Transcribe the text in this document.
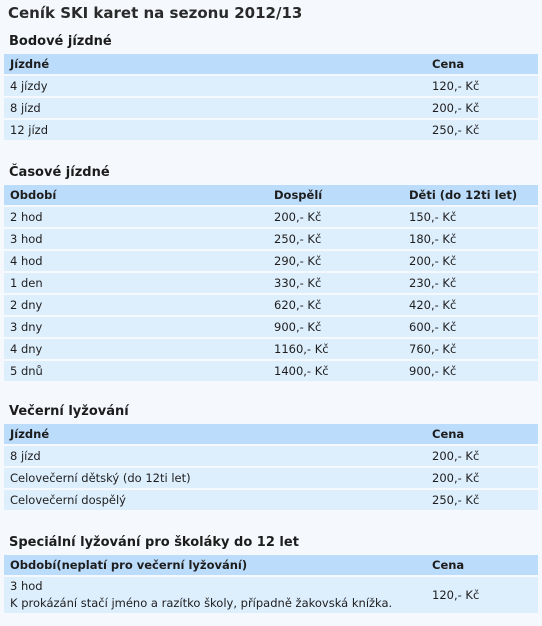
Ceník SKI karet na sezonu 2012/13
Bodové jízdné
Jízdné	Cena
4 jízdy	120,- Kč
8 jízd	200,- Kč
12 jízd	250,- Kč
Časové jízdné
Období	Dospělí	Děti (do 12ti let)
2 hod	200,- Kč	150,- Kč
3 hod	250,- Kč	180,- Kč
4 hod	290,- Kč	200,- Kč
1 den	330,- Kč	230,- Kč
2 dny	620,- Kč	420,- Kč
3 dny	900,- Kč	600,- Kč
4 dny	1160,- Kč	760,- Kč
5 dnů	1400,- Kč	900,- Kč
Večerní lyžování
Jízdné	Cena
8 jízd	200,- Kč
Celovečerní dětský (do 12ti let)	200,- Kč
Celovečerní dospělý	250,- Kč
Speciální lyžování pro školáky do 12 let
Období(neplatí pro večerní lyžování)	Cena

3 hod
K prokázání stačí jméno a razítko školy, případně žakovská knížka.	120,- Kč
